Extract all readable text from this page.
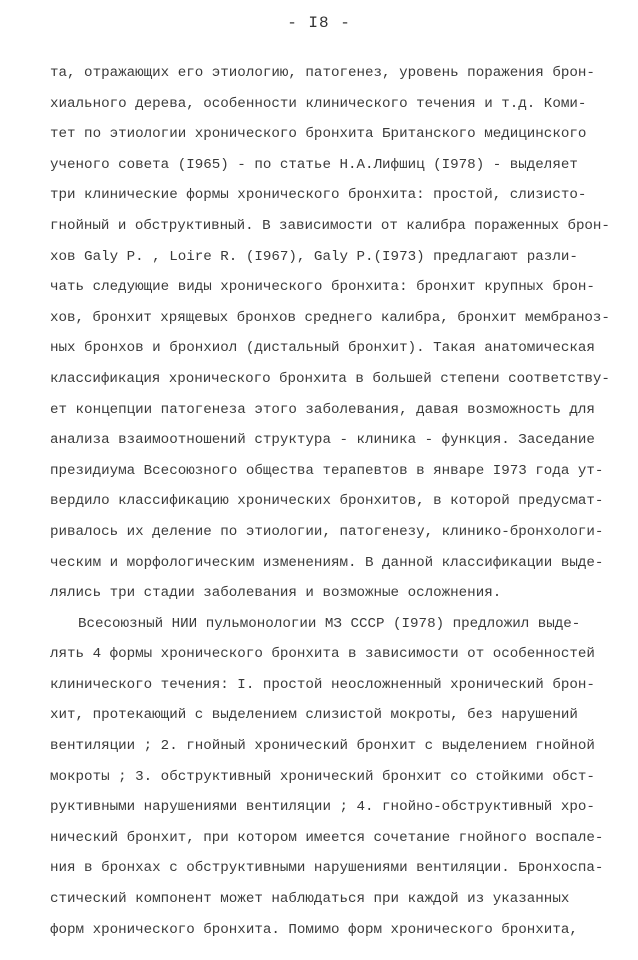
- I8 -
та, отражающих его этиологию, патогенез, уровень поражения брон-
хиального дерева, особенности клинического течения и т.д. Коми-
тет по этиологии хронического бронхита Британского медицинского
ученого совета (I965) - по статье Н.А.Лифшиц (I978) - выделяет
три клинические формы хронического бронхита: простой, слизисто-
гнойный и обструктивный. В зависимости от калибра пораженных брон-
хов Galy P. , Loire R. (I967), Galy P.(I973) предлагают разли-
чать следующие виды хронического бронхита: бронхит крупных брон-
хов, бронхит хрящевых бронхов среднего калибра, бронхит мембраноз-
ных бронхов и бронхиол (дистальный бронхит). Такая анатомическая
классификация хронического бронхита в большей степени соответству-
ет концепции патогенеза этого заболевания, давая возможность для
анализа взаимоотношений структура - клиника - функция. Заседание
президиума Всесоюзного общества терапевтов в январе I973 года ут-
вердило классификацию хронических бронхитов, в которой предусмат-
ривалось их деление по этиологии, патогенезу, клинико-бронхологи-
ческим и морфологическим изменениям. В данной классификации выде-
лялись три стадии заболевания и возможные осложнения.
Всесоюзный НИИ пульмонологии МЗ СССР (I978) предложил выде-
лять 4 формы хронического бронхита в зависимости от особенностей
клинического течения: I. простой неосложненный хронический брон-
хит, протекающий с выделением слизистой мокроты, без нарушений
вентиляции ; 2. гнойный хронический бронхит с выделением гнойной
мокроты ; 3. обструктивный хронический бронхит со стойкими обст-
руктивными нарушениями вентиляции ; 4. гнойно-обструктивный хро-
нический бронхит, при котором имеется сочетание гнойного воспале-
ния в бронхах с обструктивными нарушениями вентиляции. Бронхоспа-
стический компонент может наблюдаться при каждой из указанных
форм хронического бронхита. Помимо форм хронического бронхита,
